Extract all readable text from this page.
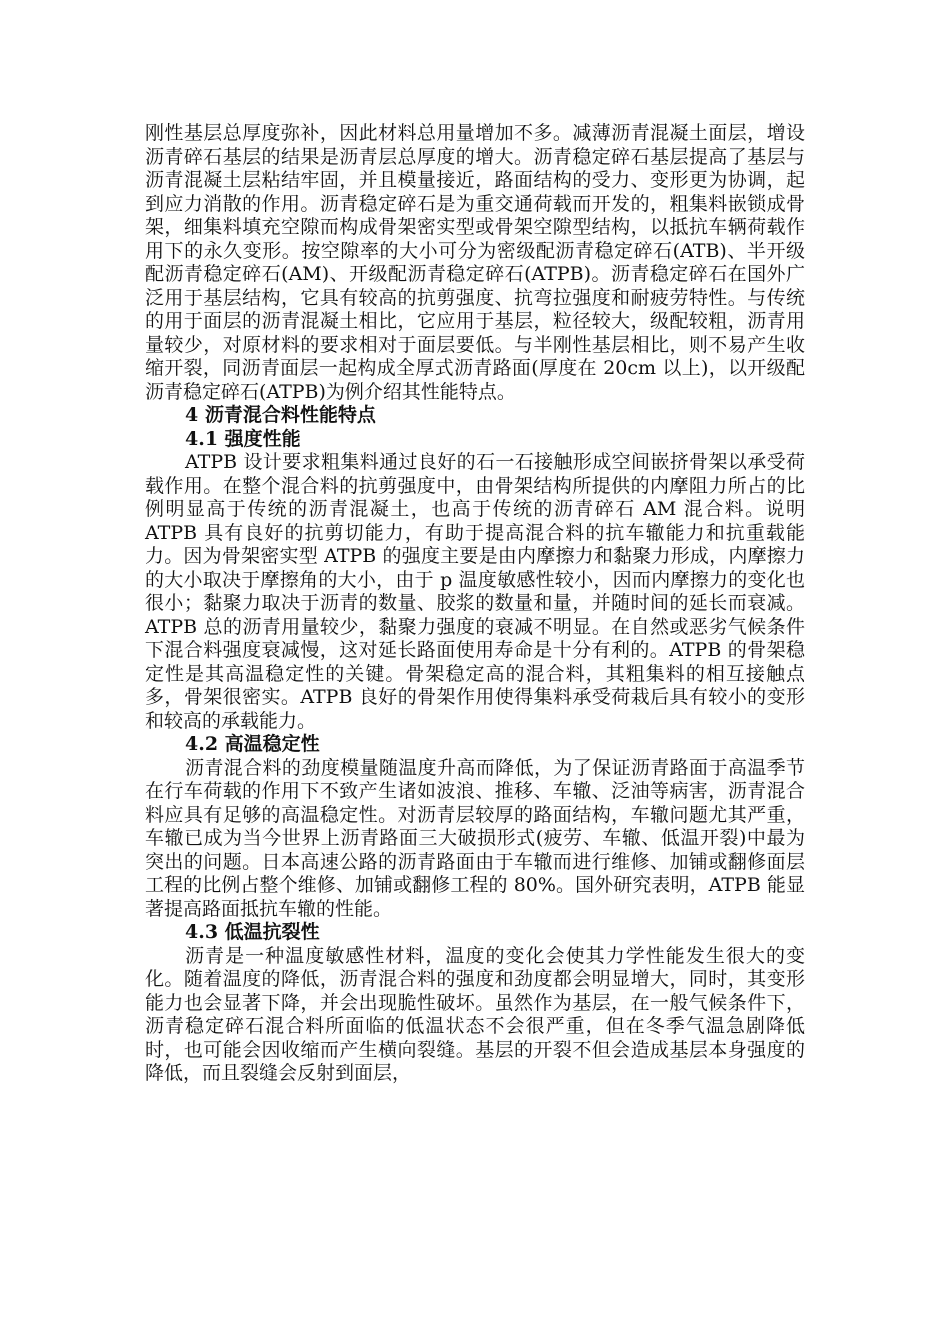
刚性基层总厚度弥补，因此材料总用量增加不多。减薄沥青混凝土面层，增设沥青碎石基层的结果是沥青层总厚度的增大。沥青稳定碎石基层提高了基层与沥青混凝土层粘结牢固，并且模量接近，路面结构的受力、变形更为协调，起到应力消散的作用。沥青稳定碎石是为重交通荷载而开发的，粗集料嵌锁成骨架，细集料填充空隙而构成骨架密实型或骨架空隙型结构，以抵抗车辆荷载作用下的永久变形。按空隙率的大小可分为密级配沥青稳定碎石(ATB)、半开级配沥青稳定碎石(AM)、开级配沥青稳定碎石(ATPB)。沥青稳定碎石在国外广泛用于基层结构，它具有较高的抗剪强度、抗弯拉强度和耐疲劳特性。与传统的用于面层的沥青混凝土相比，它应用于基层，粒径较大，级配较粗，沥青用量较少，对原材料的要求相对于面层要低。与半刚性基层相比，则不易产生收缩开裂，同沥青面层一起构成全厚式沥青路面(厚度在 20cm 以上)，以开级配沥青稳定碎石(ATPB)为例介绍其性能特点。

4 沥青混合料性能特点

4.1 强度性能

ATPB 设计要求粗集料通过良好的石一石接触形成空间嵌挤骨架以承受荷载作用。在整个混合料的抗剪强度中，由骨架结构所提供的内摩阻力所占的比例明显高于传统的沥青混凝土，也高于传统的沥青碎石 AM 混合料。说明 ATPB 具有良好的抗剪切能力，有助于提高混合料的抗车辙能力和抗重载能力。因为骨架密实型 ATPB 的强度主要是由内摩擦力和黏聚力形成，内摩擦力的大小取决于摩擦角的大小，由于 p 温度敏感性较小，因而内摩擦力的变化也很小；黏聚力取决于沥青的数量、胶浆的数量和量，并随时间的延长而衰减。ATPB 总的沥青用量较少，黏聚力强度的衰减不明显。在自然或恶劣气候条件下混合料强度衰减慢，这对延长路面使用寿命是十分有利的。ATPB 的骨架稳定性是其高温稳定性的关键。骨架稳定高的混合料，其粗集料的相互接触点多，骨架很密实。ATPB 良好的骨架作用使得集料承受荷栽后具有较小的变形和较高的承载能力。

4.2 高温稳定性

沥青混合料的劲度模量随温度升高而降低，为了保证沥青路面于高温季节在行车荷载的作用下不致产生诸如波浪、推移、车辙、泛油等病害，沥青混合料应具有足够的高温稳定性。对沥青层较厚的路面结构，车辙问题尤其严重，车辙已成为当今世界上沥青路面三大破损形式(疲劳、车辙、低温开裂)中最为突出的问题。日本高速公路的沥青路面由于车辙而进行维修、加铺或翻修面层工程的比例占整个维修、加铺或翻修工程的 80%。国外研究表明，ATPB 能显著提高路面抵抗车辙的性能。

4.3 低温抗裂性

沥青是一种温度敏感性材料，温度的变化会使其力学性能发生很大的变化。随着温度的降低，沥青混合料的强度和劲度都会明显增大，同时，其变形能力也会显著下降，并会出现脆性破坏。虽然作为基层，在一般气候条件下，沥青稳定碎石混合料所面临的低温状态不会很严重，但在冬季气温急剧降低时，也可能会因收缩而产生横向裂缝。基层的开裂不但会造成基层本身强度的降低，而且裂缝会反射到面层，
